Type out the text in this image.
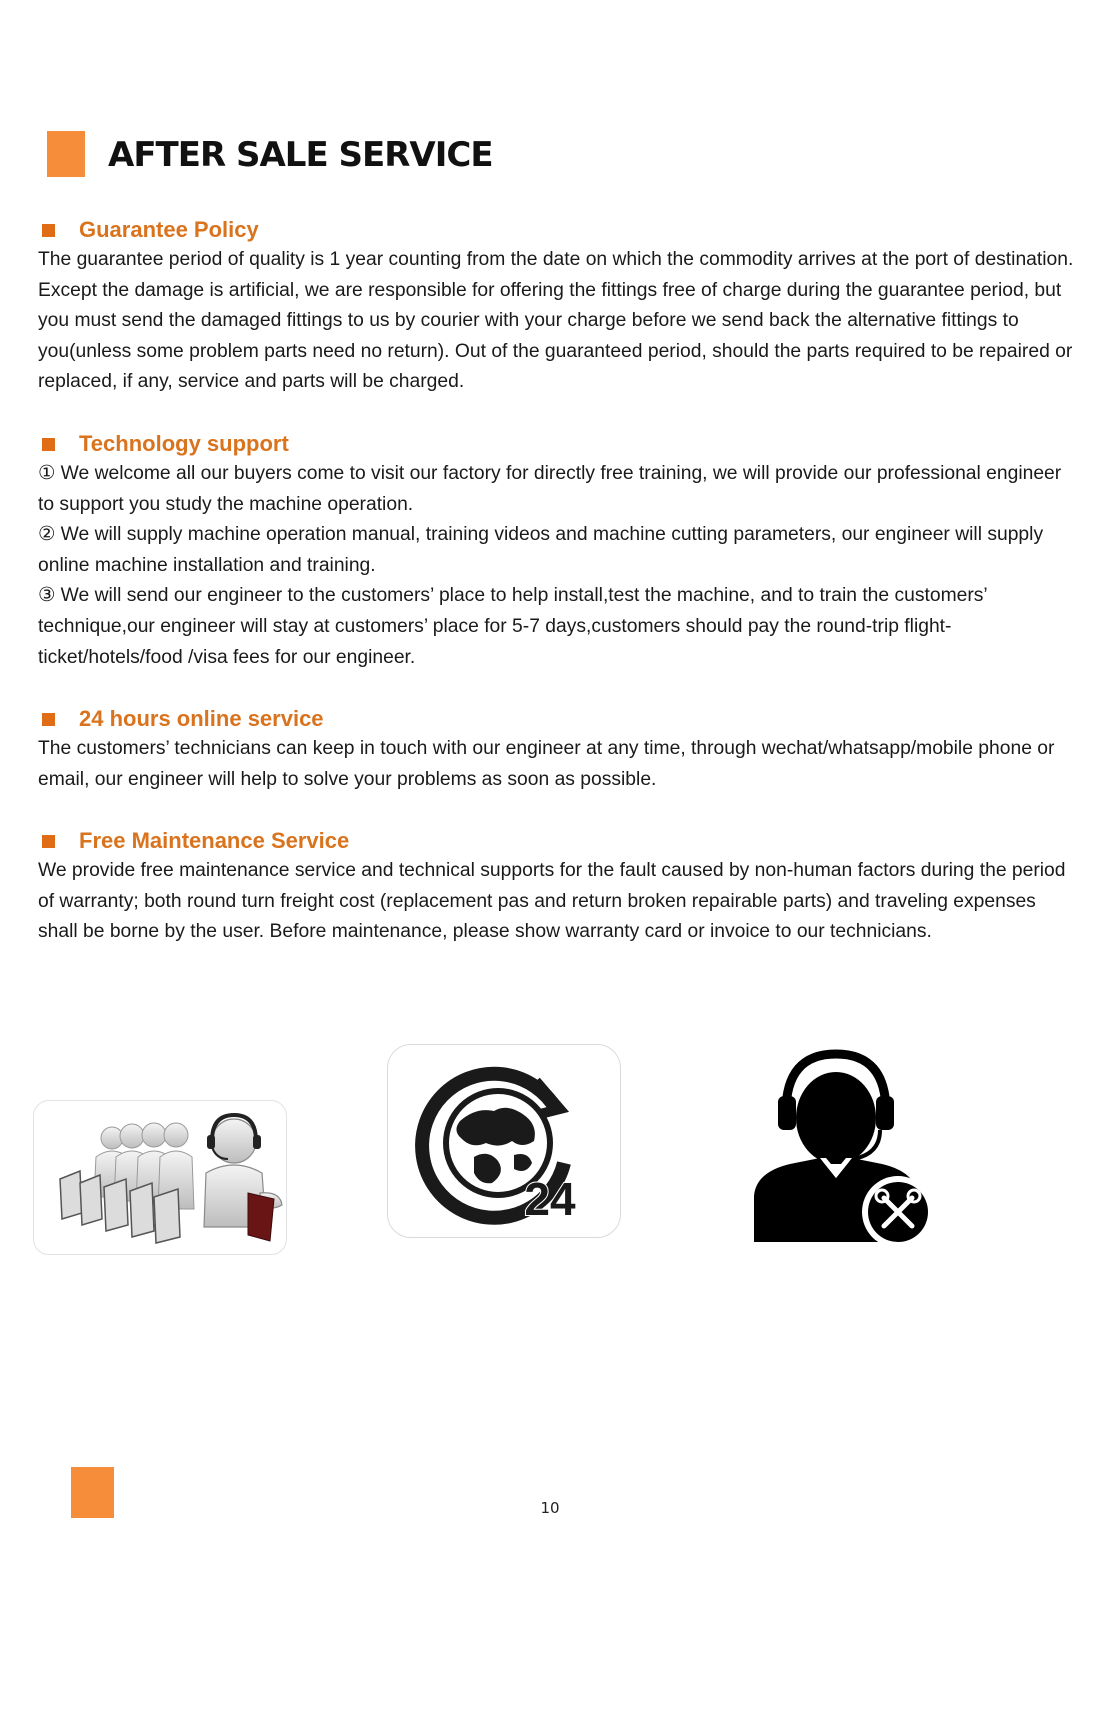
AFTER SALE SERVICE
Guarantee Policy

The guarantee period of quality is 1 year counting from the date on which the commodity arrives at the port of destination. Except the damage is artificial, we are responsible for offering the fittings free of charge during the guarantee period, but you must send the damaged fittings to us by courier with your charge before we send back the alternative fittings to you(unless some problem parts need no return). Out of the guaranteed period, should the parts required to be repaired or replaced, if any, service and parts will be charged.

Technology support

① We welcome all our buyers come to visit our factory for directly free training, we will provide our professional engineer to support you study the machine operation.

② We will supply machine operation manual, training videos and machine cutting parameters, our engineer will supply online machine installation and training.

③ We will send our engineer to the customers’ place to help install,test the machine, and to train the customers’ technique,our engineer will stay at customers’ place for 5-7 days,customers should pay the round-trip flight-ticket/hotels/food /visa fees for our engineer.

24 hours online service

The customers’ technicians can keep in touch with our engineer at any time, through wechat/whatsapp/mobile phone or email, our engineer will help to solve your problems as soon as possible.

Free Maintenance Service

We provide free maintenance service and technical supports for the fault caused by non-human factors during the period of warranty; both round turn freight cost (replacement pas and return broken repairable parts) and traveling expenses shall be borne by the user. Before maintenance, please show warranty card or invoice to our technicians.

24
10
